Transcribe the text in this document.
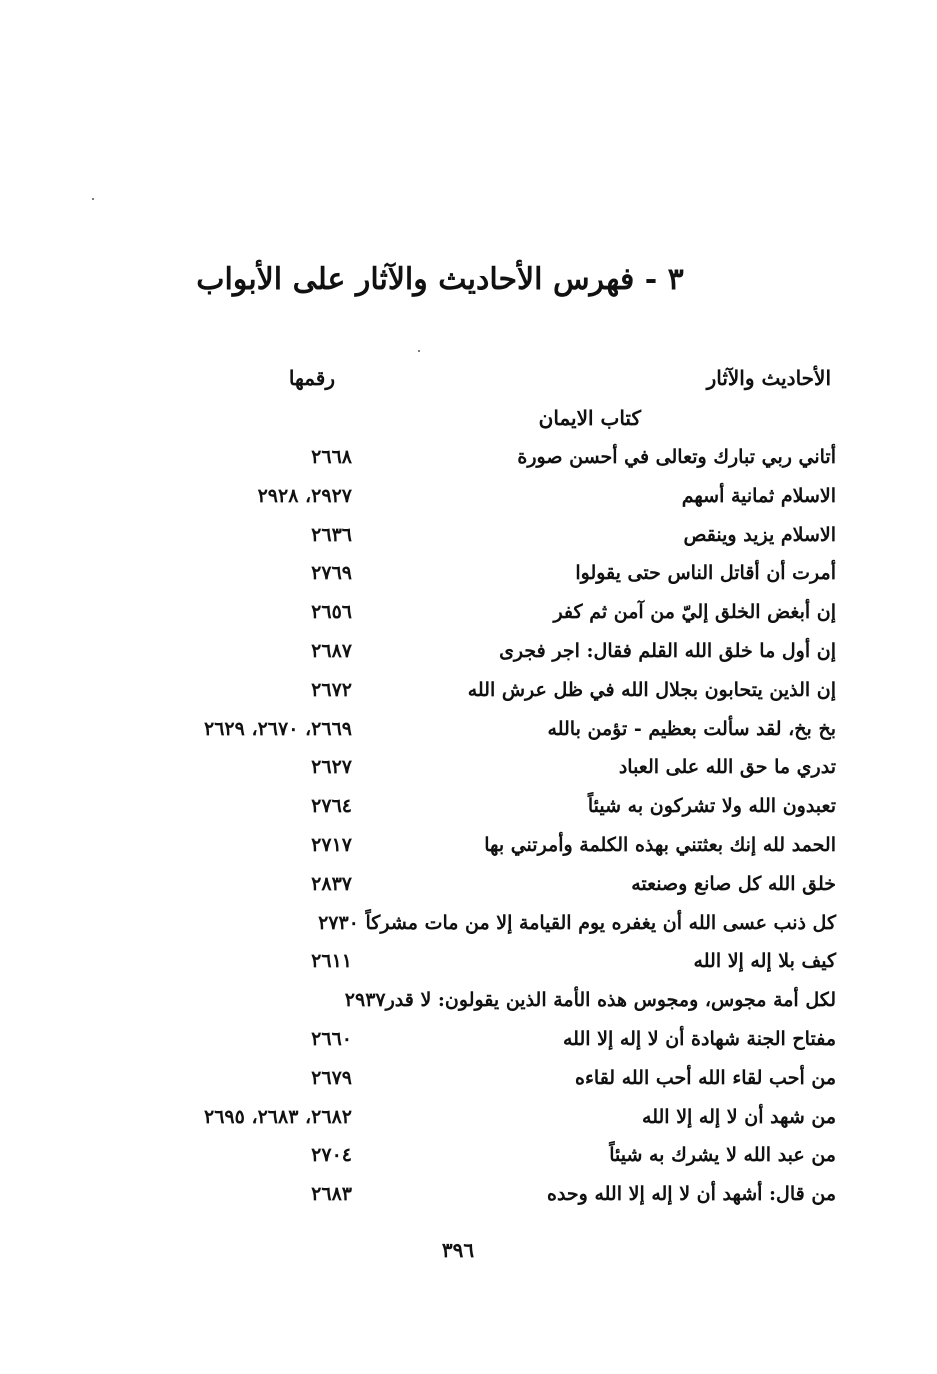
٣ - فهرس الأحاديث والآثار على الأبواب
الأحاديث والآثار
رقمها
كتاب الايمان
أتاني ربي تبارك وتعالى في أحسن صورة
٢٦٦٨
الاسلام ثمانية أسهم
٢٩٢٧، ٢٩٢٨
الاسلام يزيد وينقص
٢٦٣٦
أمرت أن أقاتل الناس حتى يقولوا
٢٧٦٩
إن أبغض الخلق إليّ من آمن ثم كفر
٢٦٥٦
إن أول ما خلق الله القلم فقال: اجر فجرى
٢٦٨٧
إن الذين يتحابون بجلال الله في ظل عرش الله
٢٦٧٢
بخ بخ، لقد سألت بعظيم - تؤمن بالله
٢٦٦٩، ٢٦٧٠، ٢٦٢٩
تدري ما حق الله على العباد
٢٦٢٧
تعبدون الله ولا تشركون به شيئاً
٢٧٦٤
الحمد لله إنك بعثتني بهذه الكلمة وأمرتني بها
٢٧١٧
خلق الله كل صانع وصنعته
٢٨٣٧
كل ذنب عسى الله أن يغفره يوم القيامة إلا من مات مشركاً ٢٧٣٠
كيف بلا إله إلا الله
٢٦١١
لكل أمة مجوس، ومجوس هذه الأمة الذين يقولون: لا قدر٢٩٣٧
مفتاح الجنة شهادة أن لا إله إلا الله
٢٦٦٠
من أحب لقاء الله أحب الله لقاءه
٢٦٧٩
من شهد أن لا إله إلا الله
٢٦٨٢، ٢٦٨٣، ٢٦٩٥
من عبد الله لا يشرك به شيئاً
٢٧٠٤
من قال: أشهد أن لا إله إلا الله وحده
٢٦٨٣
٣٩٦
